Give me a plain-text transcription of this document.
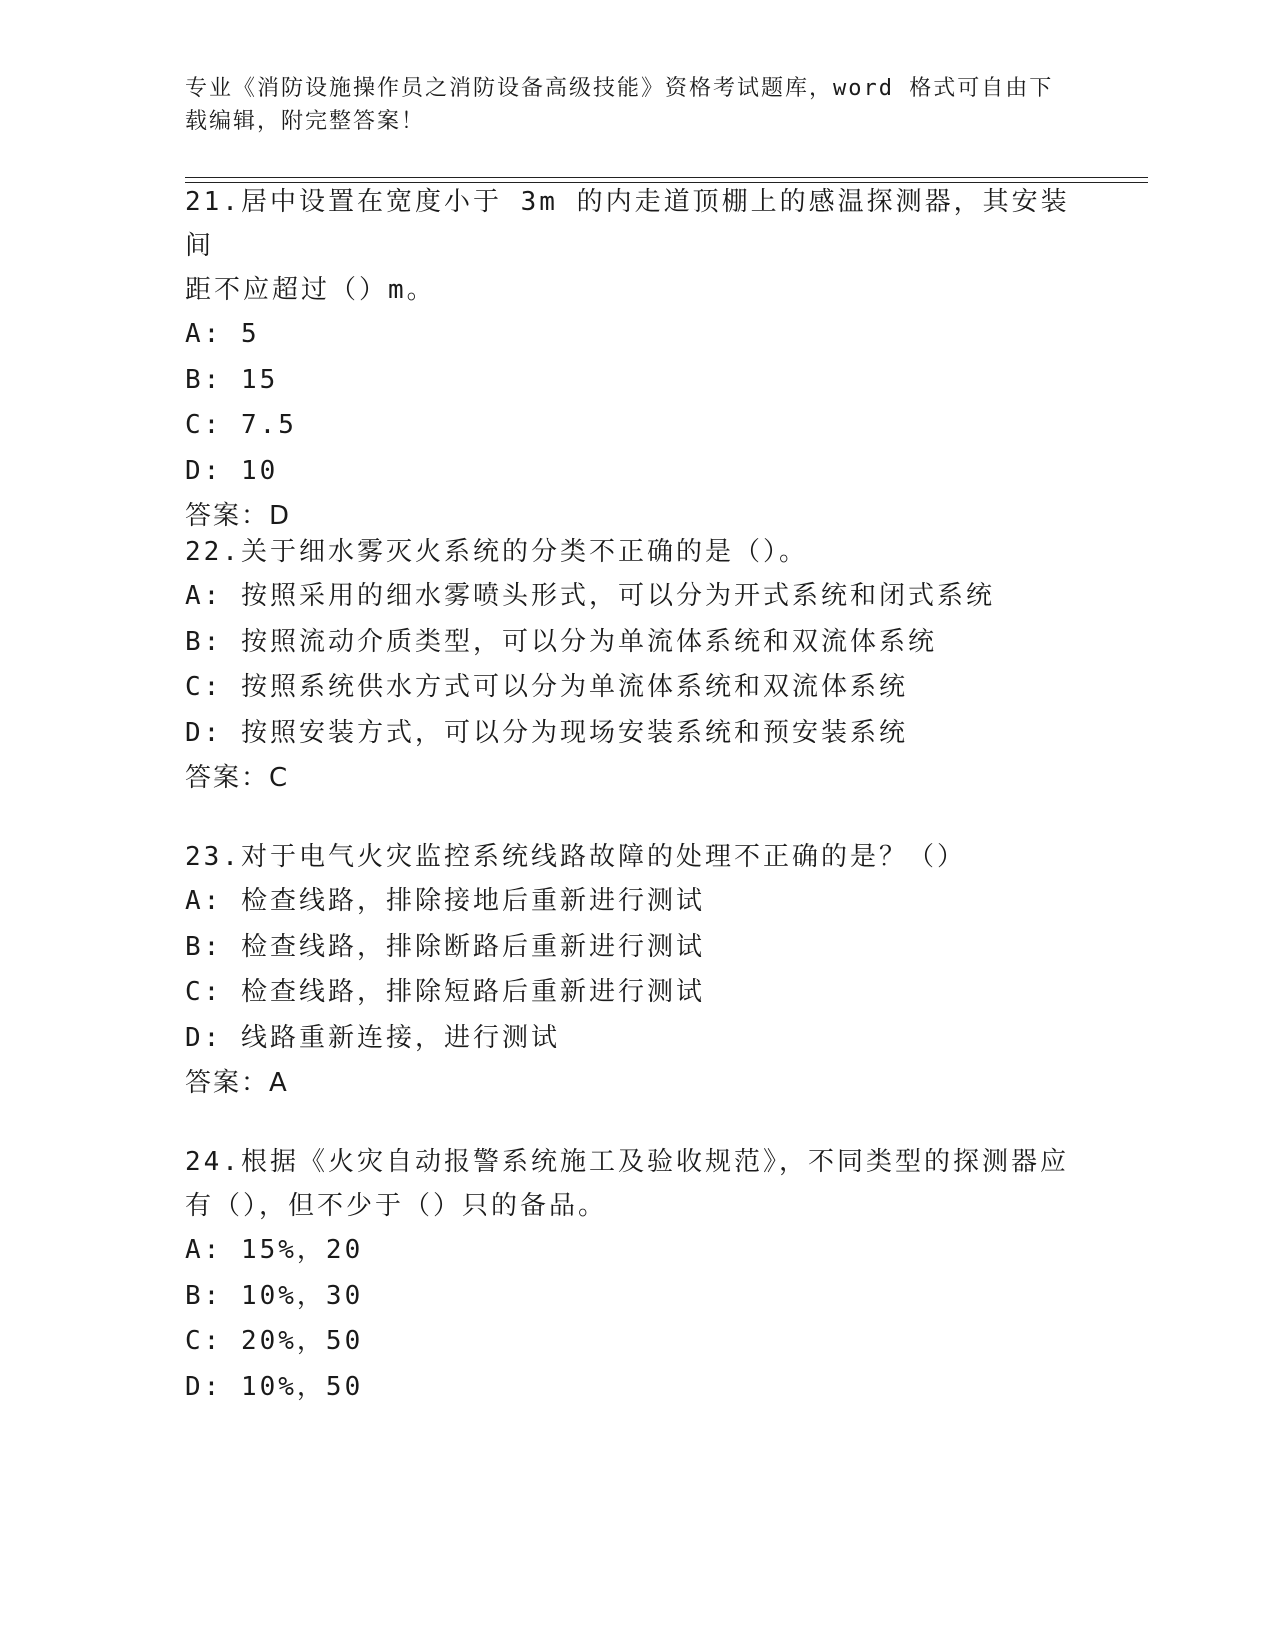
专业《消防设施操作员之消防设备高级技能》资格考试题库，word 格式可自由下
载编辑，附完整答案！
21.居中设置在宽度小于 3m 的内走道顶棚上的感温探测器，其安装间
距不应超过（）m。
A: 5
B: 15
C: 7.5
D: 10
答案：D
22.关于细水雾灭火系统的分类不正确的是（）。
A: 按照采用的细水雾喷头形式，可以分为开式系统和闭式系统
B: 按照流动介质类型，可以分为单流体系统和双流体系统
C: 按照系统供水方式可以分为单流体系统和双流体系统
D: 按照安装方式，可以分为现场安装系统和预安装系统
答案：C
23.对于电气火灾监控系统线路故障的处理不正确的是？（）
A: 检查线路，排除接地后重新进行测试
B: 检查线路，排除断路后重新进行测试
C: 检查线路，排除短路后重新进行测试
D: 线路重新连接，进行测试
答案：A
24.根据《火灾自动报警系统施工及验收规范》，不同类型的探测器应
有（），但不少于（）只的备品。
A: 15%，20
B: 10%，30
C: 20%，50
D: 10%，50
